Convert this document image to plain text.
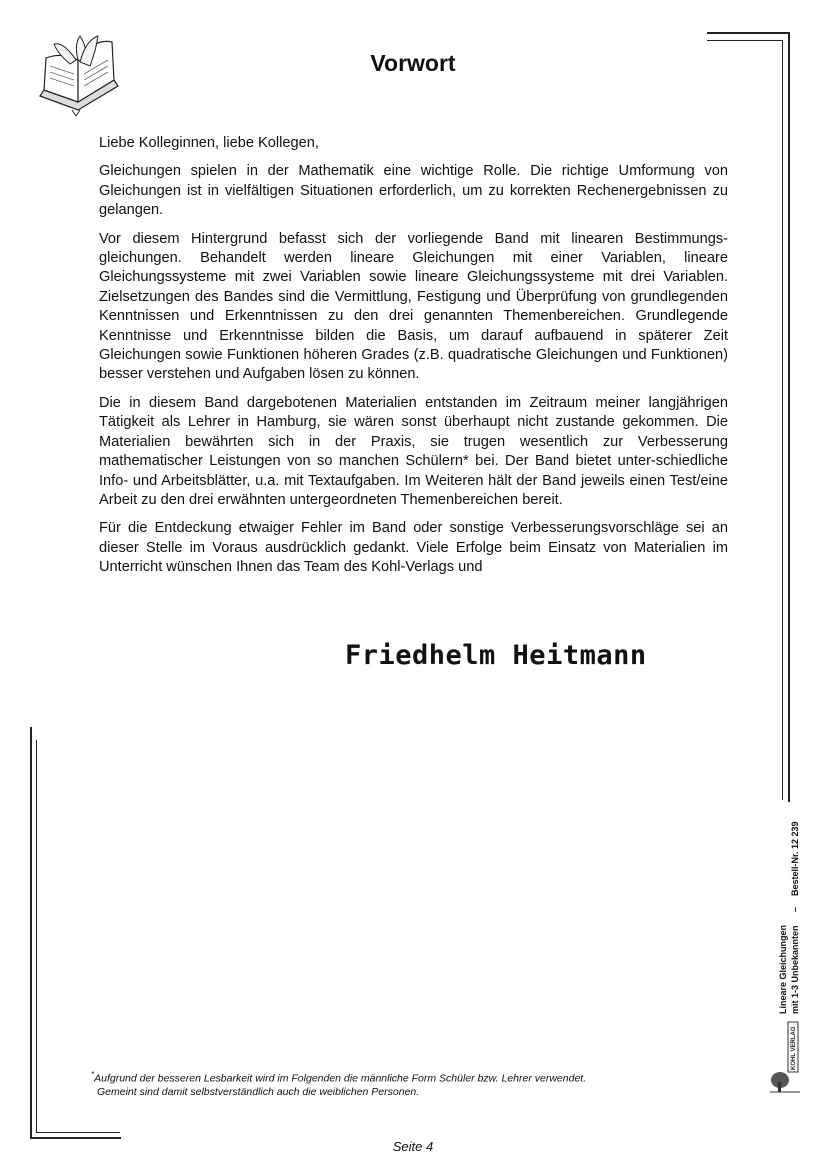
Vorwort

Liebe Kolleginnen, liebe Kollegen,

Gleichungen spielen in der Mathematik eine wichtige Rolle. Die richtige Umformung von Gleichungen ist in vielfältigen Situationen erforderlich, um zu korrekten Rechenergebnissen zu gelangen.

Vor diesem Hintergrund befasst sich der vorliegende Band mit linearen Bestimmungs-gleichungen. Behandelt werden lineare Gleichungen mit einer Variablen, lineare Gleichungssysteme mit zwei Variablen sowie lineare Gleichungssysteme mit drei Variablen. Zielsetzungen des Bandes sind die Vermittlung, Festigung und Überprüfung von grundlegenden Kenntnissen und Erkenntnissen zu den drei genannten Themenbereichen. Grundlegende Kenntnisse und Erkenntnisse bilden die Basis, um darauf aufbauend in späterer Zeit Gleichungen sowie Funktionen höheren Grades (z.B. quadratische Gleichungen und Funktionen) besser verstehen und Aufgaben lösen zu können.

Die in diesem Band dargebotenen Materialien entstanden im Zeitraum meiner langjährigen Tätigkeit als Lehrer in Hamburg, sie wären sonst überhaupt nicht zustande gekommen. Die Materialien bewährten sich in der Praxis, sie trugen wesentlich zur Verbesserung mathematischer Leistungen von so manchen Schülern* bei. Der Band bietet unter-schiedliche Info- und Arbeitsblätter, u.a. mit Textaufgaben. Im Weiteren hält der Band jeweils einen Test/eine Arbeit zu den drei erwähnten untergeordneten Themenbereichen bereit.

Für die Entdeckung etwaiger Fehler im Band oder sonstige Verbesserungsvorschläge sei an dieser Stelle im Voraus ausdrücklich gedankt. Viele Erfolge beim Einsatz von Materialien im Unterricht wünschen Ihnen das Team des Kohl-Verlags und

Friedhelm Heitmann
*Aufgrund der besseren Lesbarkeit wird im Folgenden die männliche Form Schüler bzw. Lehrer verwendet.
Gemeint sind damit selbstverständlich auch die weiblichen Personen.
Bestell-Nr. 12 239
–
Lineare Gleichungen mit 1-3 Unbekannten
KOHL VERLAG
Seite 4
